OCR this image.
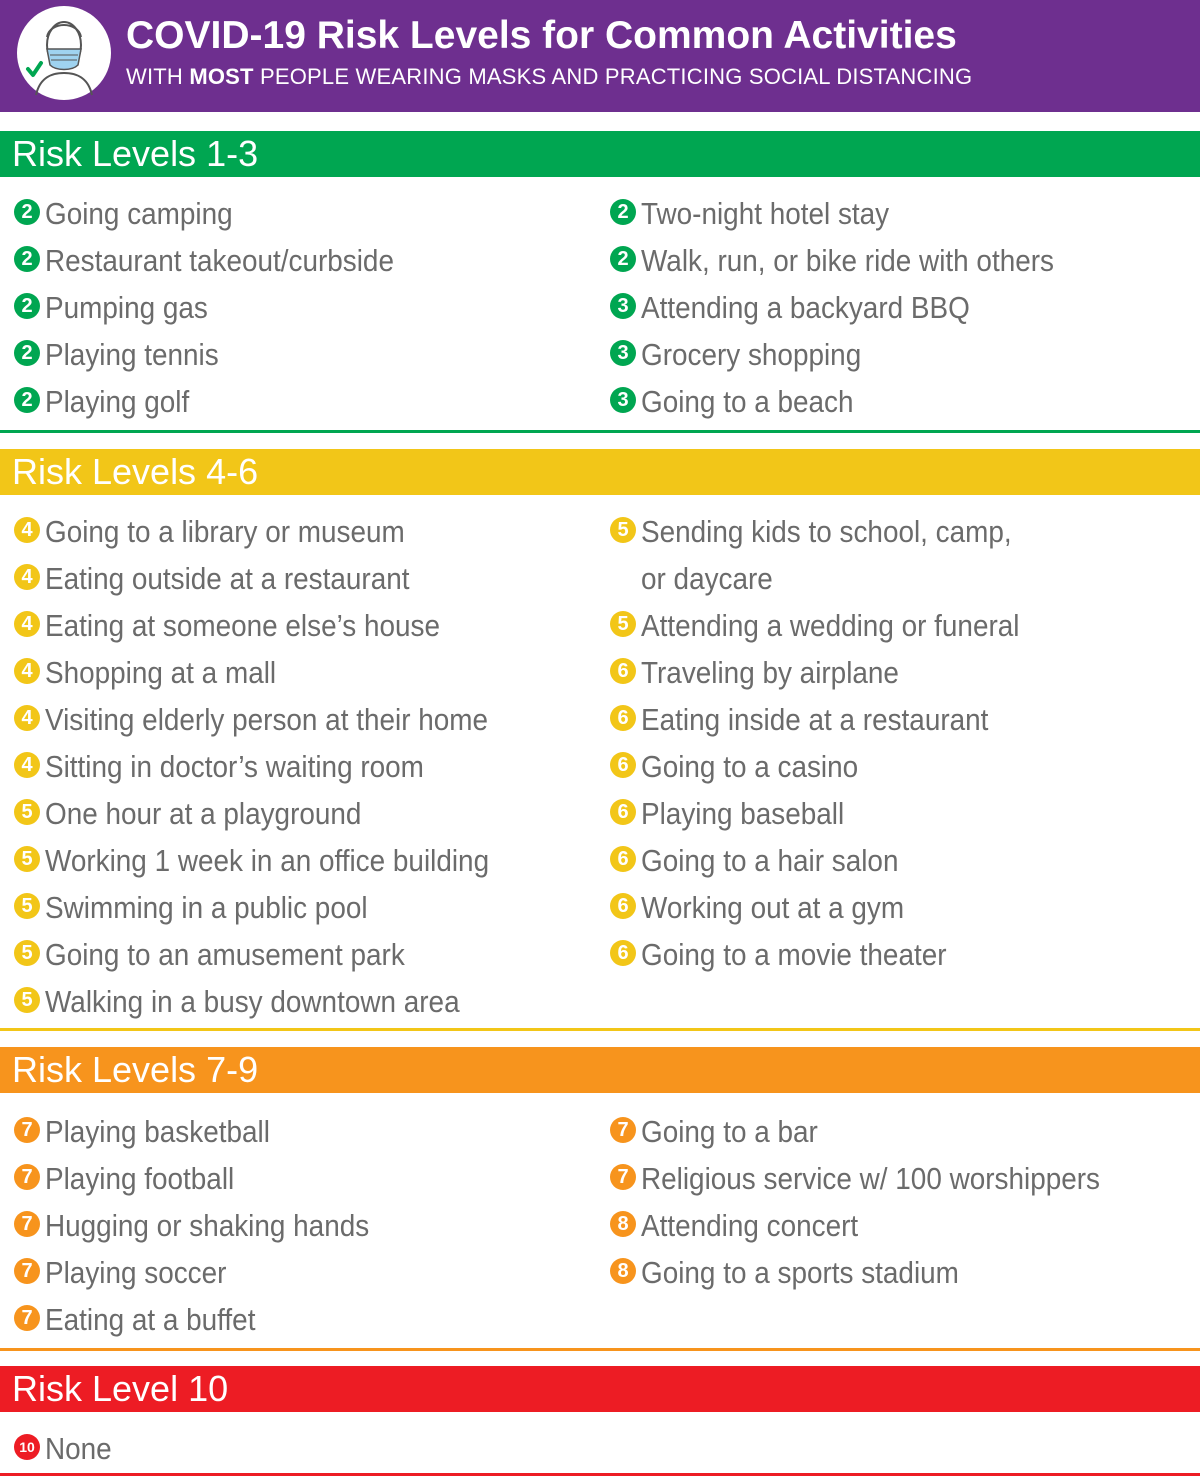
COVID-19 Risk Levels for Common Activities
WITH MOST PEOPLE WEARING MASKS AND PRACTICING SOCIAL DISTANCING
Risk Levels 1-3
2 Going camping
2 Restaurant takeout/curbside
2 Pumping gas
2 Playing tennis
2 Playing golf
2 Two-night hotel stay
2 Walk, run, or bike ride with others
3 Attending a backyard BBQ
3 Grocery shopping
3 Going to a beach
Risk Levels 4-6
4 Going to a library or museum
4 Eating outside at a restaurant
4 Eating at someone else’s house
4 Shopping at a mall
4 Visiting elderly person at their home
4 Sitting in doctor’s waiting room
5 One hour at a playground
5 Working 1 week in an office building
5 Swimming in a public pool
5 Going to an amusement park
5 Walking in a busy downtown area
5 Sending kids to school, camp,
or daycare
5 Attending a wedding or funeral
6 Traveling by airplane
6 Eating inside at a restaurant
6 Going to a casino
6 Playing baseball
6 Going to a hair salon
6 Working out at a gym
6 Going to a movie theater
Risk Levels 7-9
7 Playing basketball
7 Playing football
7 Hugging or shaking hands
7 Playing soccer
7 Eating at a buffet
7 Going to a bar
7 Religious service w/ 100 worshippers
8 Attending concert
8 Going to a sports stadium
Risk Level 10
10 None
